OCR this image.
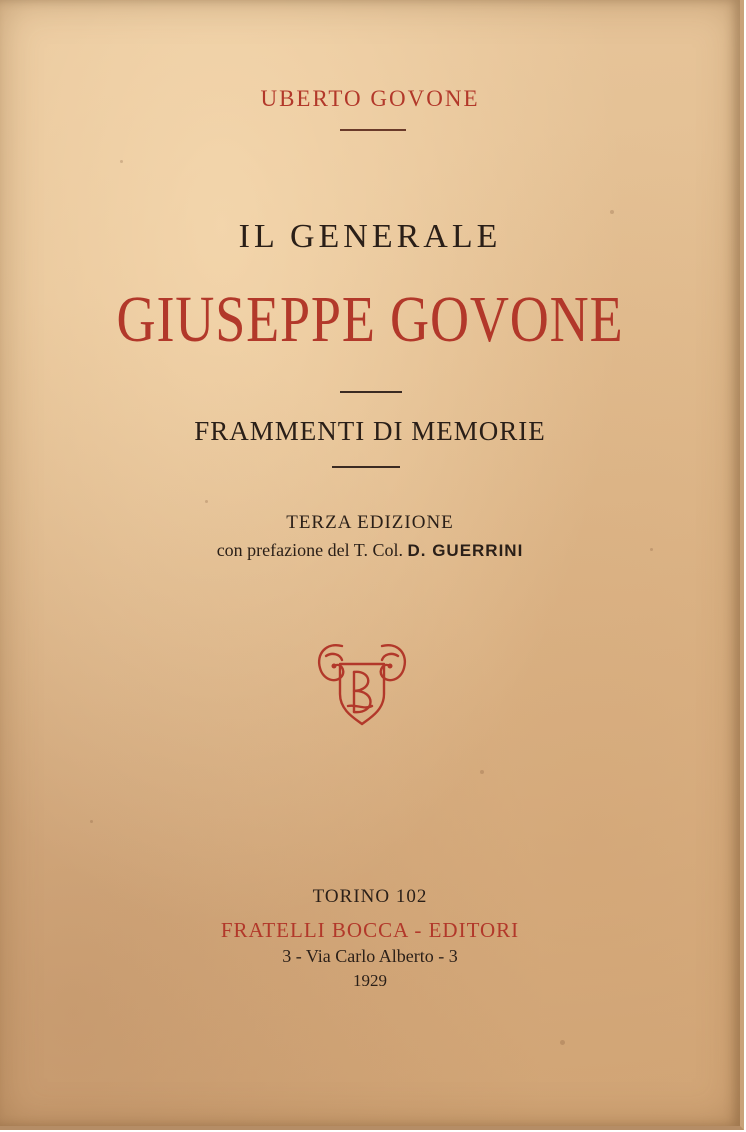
UBERTO GOVONE
IL GENERALE
GIUSEPPE GOVONE
FRAMMENTI DI MEMORIE
TERZA EDIZIONE
con prefazione del T. Col. D. GUERRINI
TORINO 102
FRATELLI BOCCA - EDITORI
3 - Via Carlo Alberto - 3
1929
